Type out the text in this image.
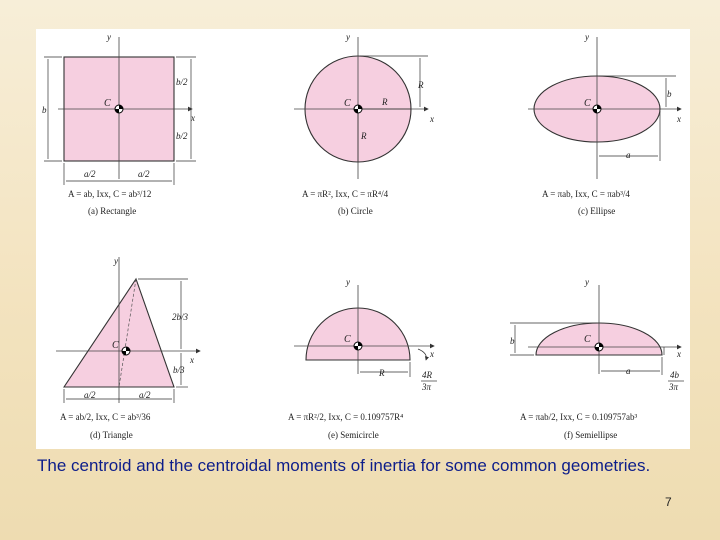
y
x
C
b
b/2
b/2
a/2	a/2
A = ab, Ixx, C = ab³/12
(a) Rectangle
y
x
C	R
R
R
A = πR², Ixx, C = πR⁴/4
(b) Circle
y
x
C
b
a
A = πab, Ixx, C = πab³/4
(c) Ellipse
y
x
C
2b/3
b/3
a/2	a/2
A = ab/2, Ixx, C = ab³/36
(d) Triangle
y
x
C
R	4R
3π
A = πR²/2, Ixx, C = 0.109757R⁴
(e) Semicircle
y
x
C
b
a	4b
3π
A = πab/2, Ixx, C = 0.109757ab³
(f) Semiellipse
The centroid and the centroidal moments of inertia for some common geometries.
7
